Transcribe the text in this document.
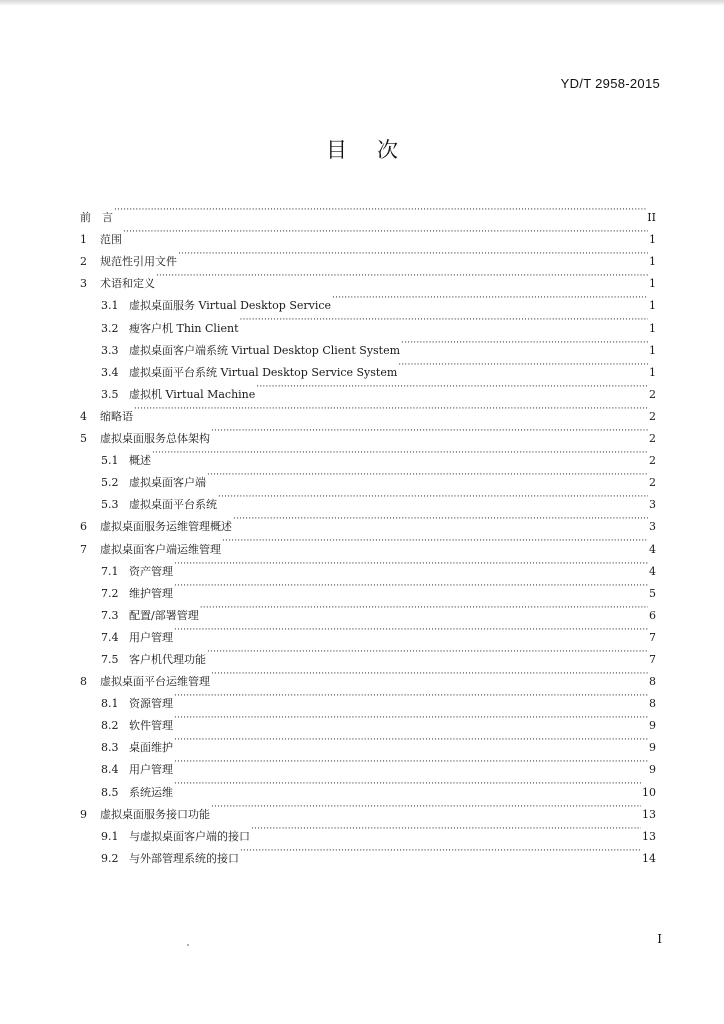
YD/T 2958-2015
目次
前　言 ·····	II
1	范围 ·····	1
2	规范性引用文件 ·····	1
3	术语和定义 ·····	1
3.1 虚拟桌面服务 Virtual Desktop Service ·····	1
3.2 瘦客户机 Thin Client ·····	1
3.3 虚拟桌面客户端系统 Virtual Desktop Client System ·····	1
3.4 虚拟桌面平台系统 Virtual Desktop Service System ·····	1
3.5 虚拟机 Virtual Machine ·····	2
4	缩略语 ·····	2
5	虚拟桌面服务总体架构 ·····	2
5.1 概述 ·····	2
5.2 虚拟桌面客户端 ·····	2
5.3 虚拟桌面平台系统 ·····	3
6	虚拟桌面服务运维管理概述 ·····	3
7	虚拟桌面客户端运维管理 ·····	4
7.1 资产管理 ·····	4
7.2 维护管理 ·····	5
7.3 配置/部署管理 ·····	6
7.4 用户管理 ·····	7
7.5 客户机代理功能 ·····	7
8	虚拟桌面平台运维管理 ·····	8
8.1 资源管理 ·····	8
8.2 软件管理 ·····	9
8.3 桌面维护 ·····	9
8.4 用户管理 ·····	9
8.5 系统运维 ·····	10
9	虚拟桌面服务接口功能 ·····	13
9.1 与虚拟桌面客户端的接口 ·····	13
9.2 与外部管理系统的接口 ·····	14
I
